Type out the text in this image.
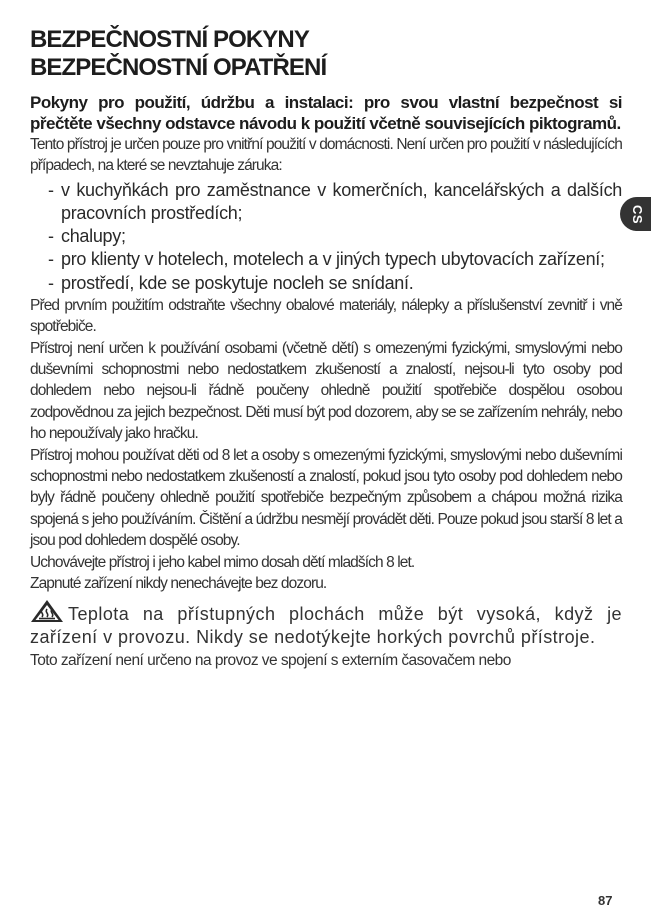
CS
BEZPEČNOSTNÍ POKYNY
BEZPEČNOSTNÍ OPATŘENÍ
Pokyny pro použití, údržbu a instalaci: pro svou vlastní bezpečnost si přečtěte všechny odstavce návodu k použití včetně souvisejících piktogramů.

Tento přístroj je určen pouze pro vnitřní použití v domácnosti. Není určen pro použití v následujících případech, na které se nevztahuje záruka:

- v kuchyňkách pro zaměstnance v komerčních, kancelářských a dalších pracovních prostředích;
- chalupy;
- pro klienty v hotelech, motelech a v jiných typech ubytovacích zařízení;
- prostředí, kde se poskytuje nocleh se snídaní.

Před prvním použitím odstraňte všechny obalové materiály, nálepky a příslušenství zevnitř i vně spotřebiče.

Přístroj není určen k používání osobami (včetně dětí) s omezenými fyzickými, smyslovými nebo duševními schopnostmi nebo nedostatkem zkušeností a znalostí, nejsou-li tyto osoby pod dohledem nebo nejsou-li řádně poučeny ohledně použití spotřebiče dospělou osobou zodpovědnou za jejich bezpečnost. Děti musí být pod dozorem, aby se se zařízením nehrály, nebo ho nepoužívaly jako hračku.

Přístroj mohou používat děti od 8 let a osoby s omezenými fyzickými, smyslovými nebo duševními schopnostmi nebo nedostatkem zkušeností a znalostí, pokud jsou tyto osoby pod dohledem nebo byly řádně poučeny ohledně použití spotřebiče bezpečným způsobem a chápou možná rizika spojená s jeho používáním. Čištění a údržbu nesmějí provádět děti. Pouze pokud jsou starší 8 let a jsou pod dohledem dospělé osoby.

Uchovávejte přístroj i jeho kabel mimo dosah dětí mladších 8 let.

Zapnuté zařízení nikdy nenechávejte bez dozoru.

Teplota na přístupných plochách může být vysoká, když je zařízení v provozu. Nikdy se nedotýkejte horkých povrchů přístroje.

Toto zařízení není určeno na provoz ve spojení s externím časovačem nebo

87
